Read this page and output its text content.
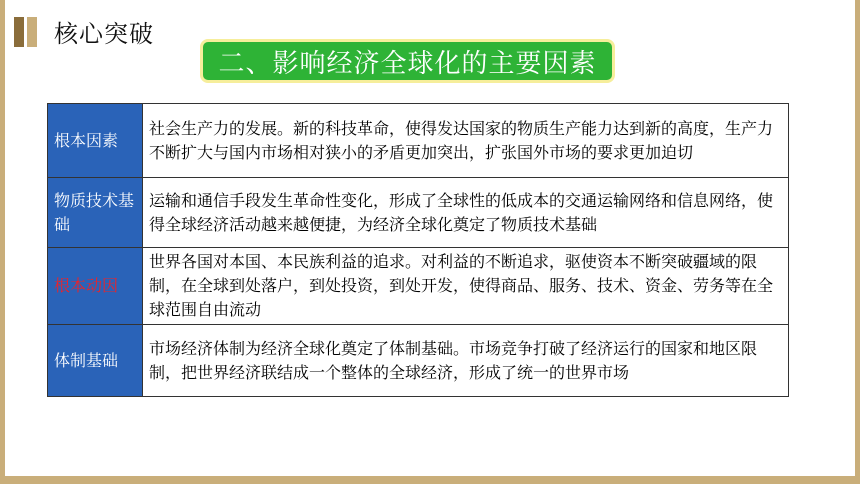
核心突破
二、影响经济全球化的主要因素
根本因素	社会生产力的发展。新的科技革命，使得发达国家的物质生产能力达到新的高度，生产力不断扩大与国内市场相对狭小的矛盾更加突出，扩张国外市场的要求更加迫切
物质技术基础	运输和通信手段发生革命性变化，形成了全球性的低成本的交通运输网络和信息网络，使得全球经济活动越来越便捷，为经济全球化奠定了物质技术基础
根本动因	世界各国对本国、本民族利益的追求。对利益的不断追求，驱使资本不断突破疆域的限制，在全球到处落户，到处投资，到处开发，使得商品、服务、技术、资金、劳务等在全球范围自由流动
体制基础	市场经济体制为经济全球化奠定了体制基础。市场竞争打破了经济运行的国家和地区限制，把世界经济联结成一个整体的全球经济，形成了统一的世界市场
